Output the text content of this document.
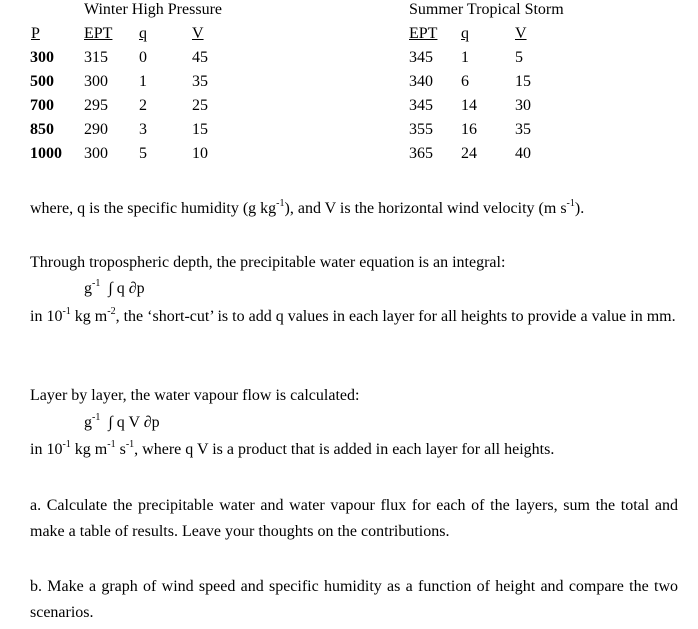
Winter High Pressure	Summer Tropical Storm
P	EPT q	V	EPT q	V
300 315 0	45	345 1	5
500 300 1	35	340 6	15
700 295 2	25	345 14 30
850 290 3	15	355 16 35
1000 300 5	10	365 24 40
where, q is the specific humidity (g $kg^{-1}$), and V is the horizontal wind velocity (m $s^{-1}$).
Through tropospheric depth, the precipitable water equation is an integral:
$g^{-1}$ ∫ q ∂p
in $10^{-1}$ kg $m^{-2}$, the ‘short-cut’ is to add q values in each layer for all heights to provide a value in mm.
Layer by layer, the water vapour flow is calculated:
$g^{-1}$ ∫ q V ∂p
in $10^{-1}$ kg $m^{-1}$ $s^{-1}$, where q V is a product that is added in each layer for all heights.
a. Calculate the precipitable water and water vapour flux for each of the layers, sum the total and make a table of results. Leave your thoughts on the contributions.
b. Make a graph of wind speed and specific humidity as a function of height and compare the two scenarios.
